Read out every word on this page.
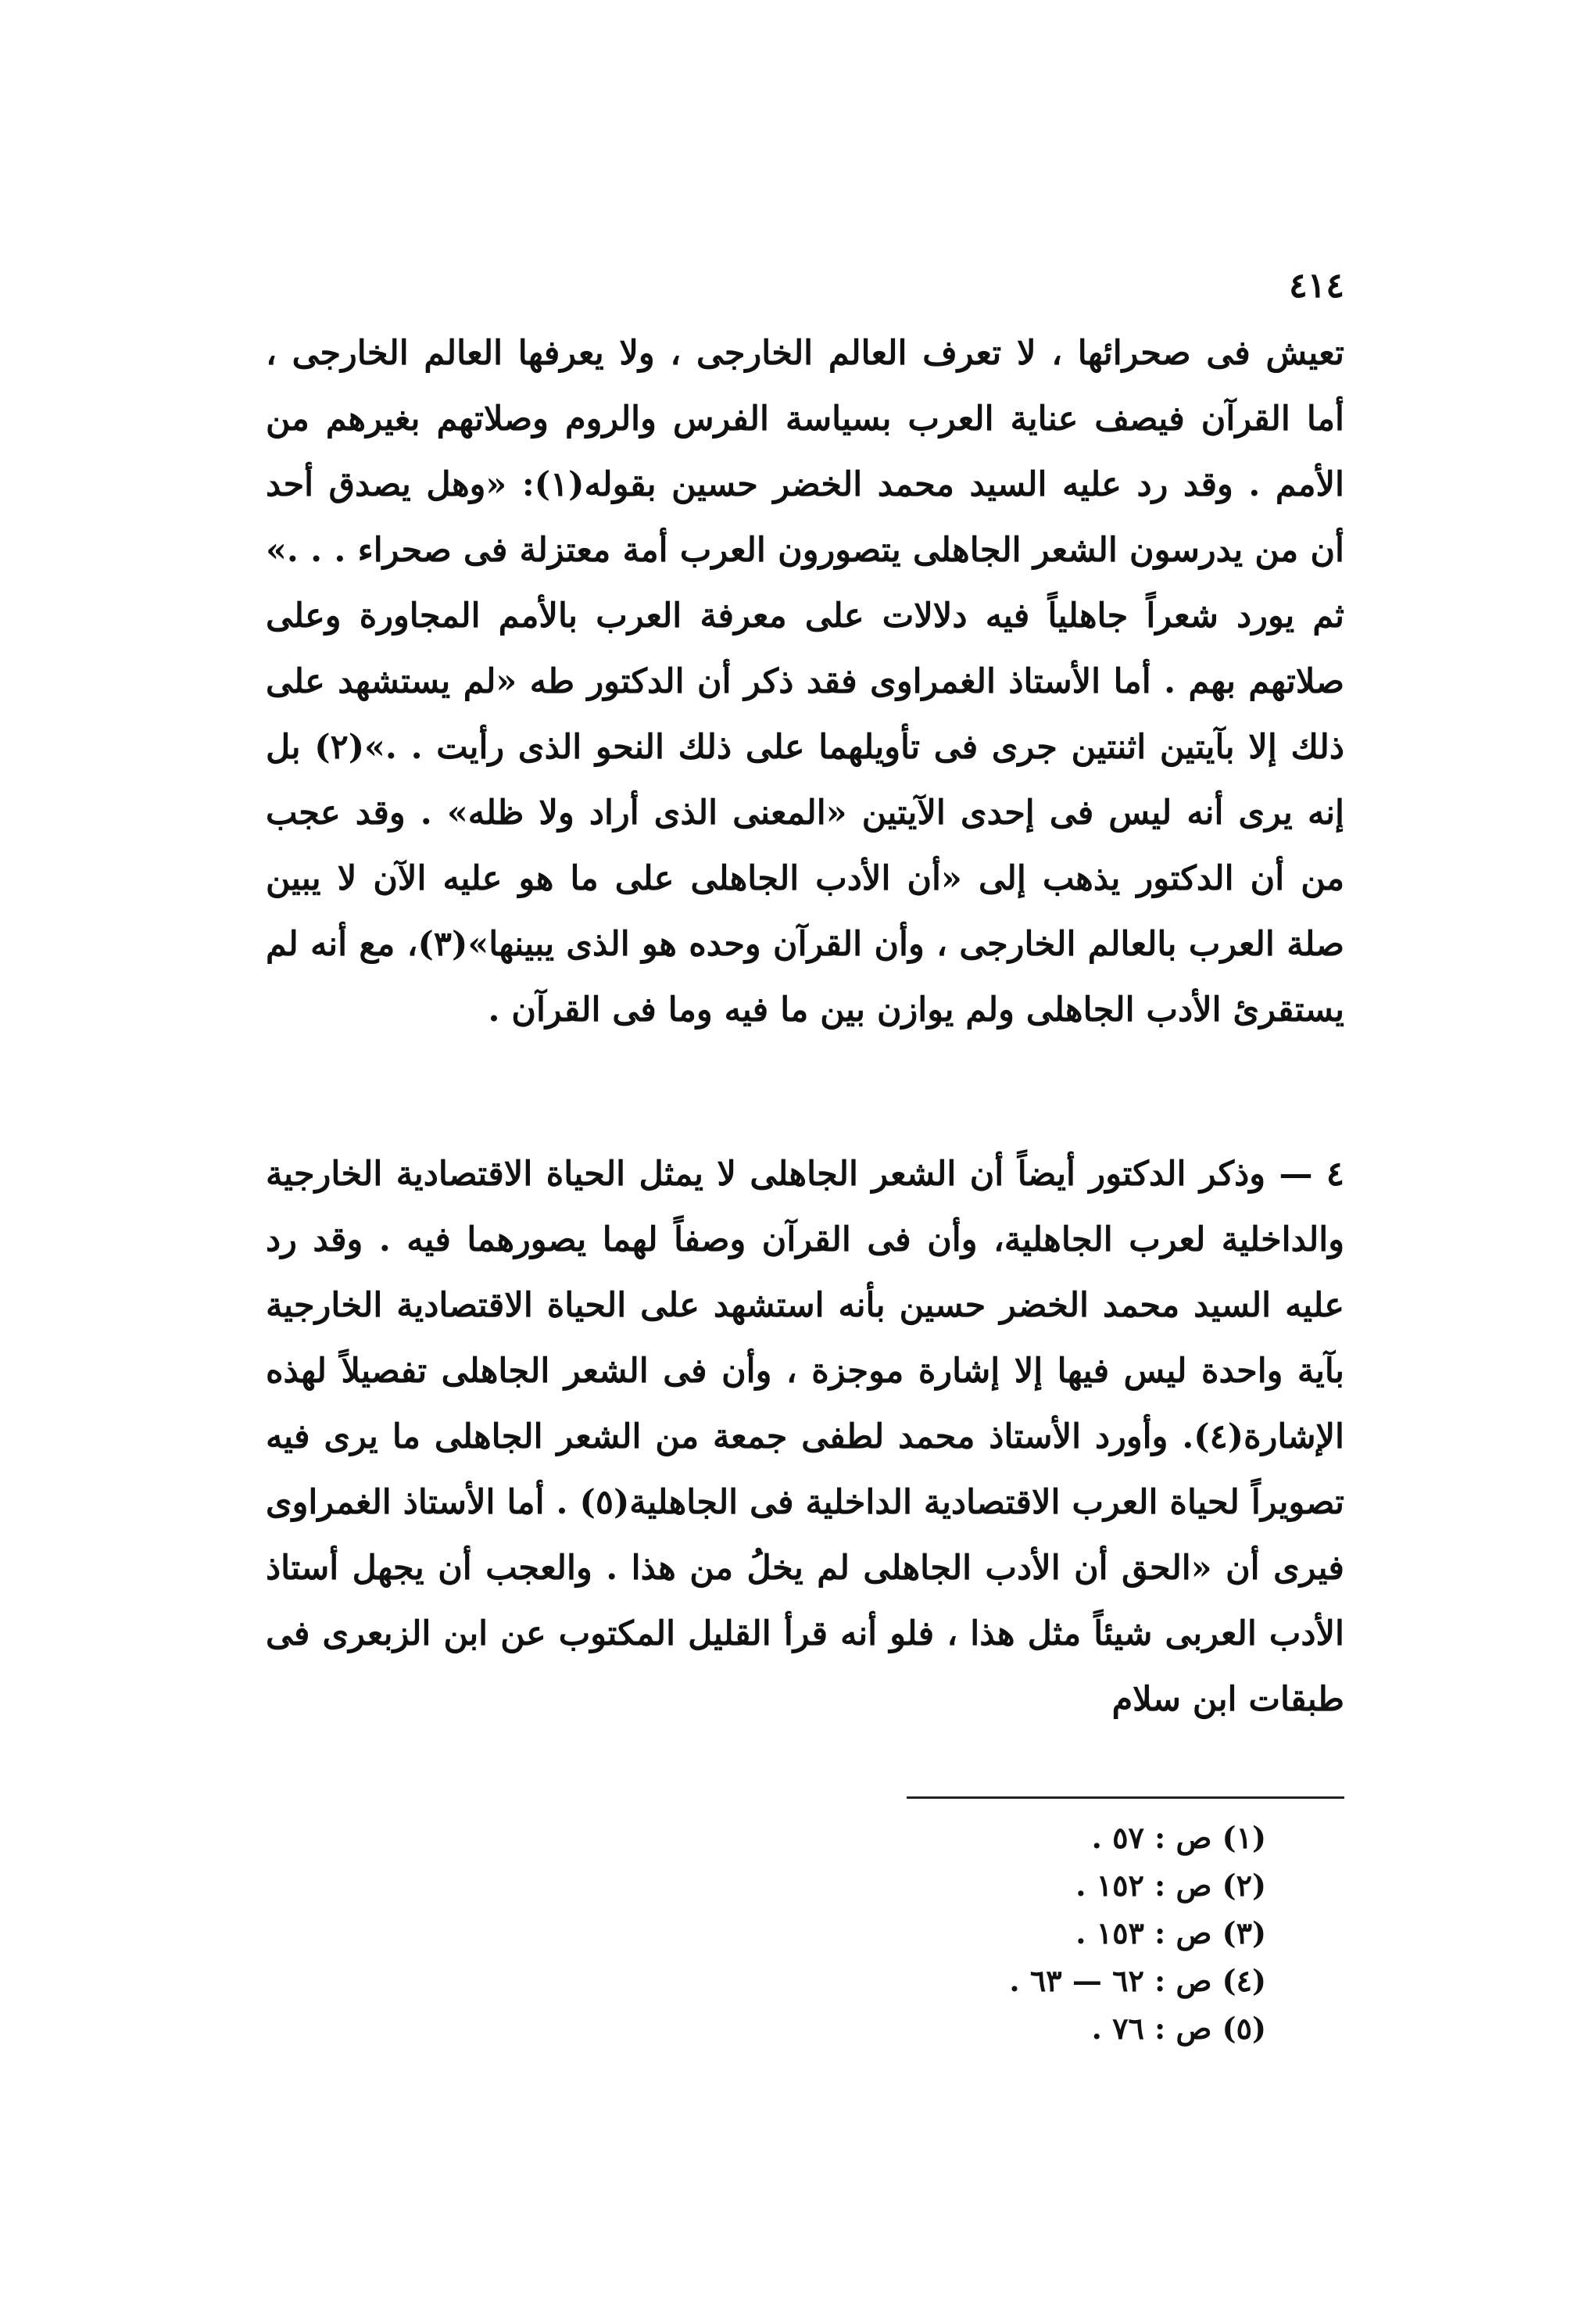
٤١٤
تعيش فى صحرائها ، لا تعرف العالم الخارجى ، ولا يعرفها العالم الخارجى ، أما القرآن فيصف عناية العرب بسياسة الفرس والروم وصلاتهم بغيرهم من الأمم . وقد رد عليه السيد محمد الخضر حسين بقوله(١): «وهل يصدق أحد أن من يدرسون الشعر الجاهلى يتصورون العرب أمة معتزلة فى صحراء . . .» ثم يورد شعراً جاهلياً فيه دلالات على معرفة العرب بالأمم المجاورة وعلى صلاتهم بهم . أما الأستاذ الغمراوى فقد ذكر أن الدكتور طه «لم يستشهد على ذلك إلا بآيتين اثنتين جرى فى تأويلهما على ذلك النحو الذى رأيت . .»(٢) بل إنه يرى أنه ليس فى إحدى الآيتين «المعنى الذى أراد ولا ظله» . وقد عجب من أن الدكتور يذهب إلى «أن الأدب الجاهلى على ما هو عليه الآن لا يبين صلة العرب بالعالم الخارجى ، وأن القرآن وحده هو الذى يبينها»(٣)، مع أنه لم يستقرئ الأدب الجاهلى ولم يوازن بين ما فيه وما فى القرآن .
٤ — وذكر الدكتور أيضاً أن الشعر الجاهلى لا يمثل الحياة الاقتصادية الخارجية والداخلية لعرب الجاهلية، وأن فى القرآن وصفاً لهما يصورهما فيه . وقد رد عليه السيد محمد الخضر حسين بأنه استشهد على الحياة الاقتصادية الخارجية بآية واحدة ليس فيها إلا إشارة موجزة ، وأن فى الشعر الجاهلى تفصيلاً لهذه الإشارة(٤). وأورد الأستاذ محمد لطفى جمعة من الشعر الجاهلى ما يرى فيه تصويراً لحياة العرب الاقتصادية الداخلية فى الجاهلية(٥) . أما الأستاذ الغمراوى فيرى أن «الحق أن الأدب الجاهلى لم يخلُ من هذا . والعجب أن يجهل أستاذ الأدب العربى شيئاً مثل هذا ، فلو أنه قرأ القليل المكتوب عن ابن الزبعرى فى طبقات ابن سلام
(١) ص : ٥٧ .
(٢) ص : ١٥٢ .
(٣) ص : ١٥٣ .
(٤) ص : ٦٢ — ٦٣ .
(٥) ص : ٧٦ .
